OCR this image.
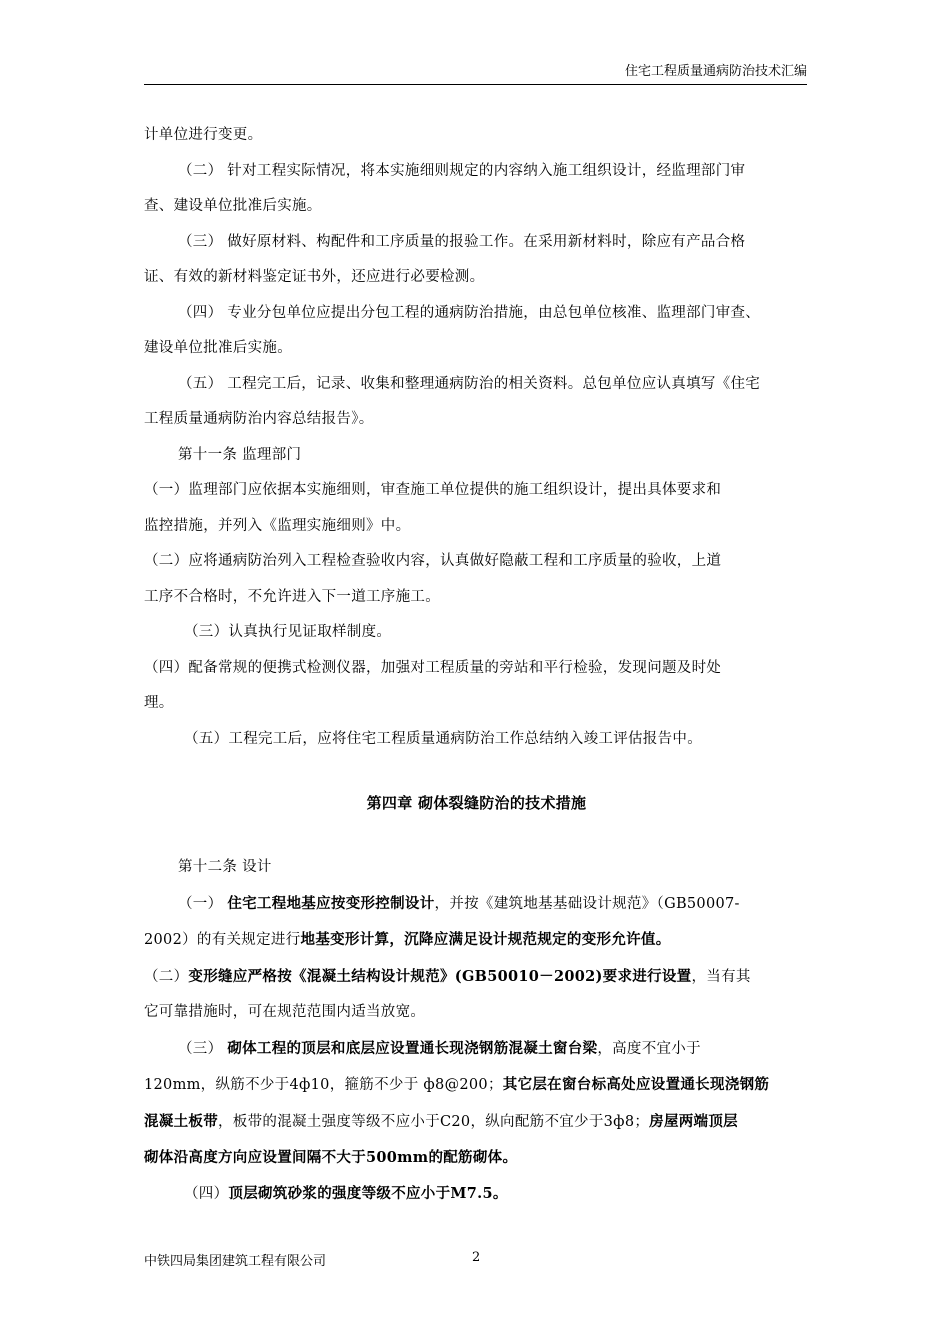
住宅工程质量通病防治技术汇编

计单位进行变更。

（二） 针对工程实际情况，将本实施细则规定的内容纳入施工组织设计，经监理部门审

查、建设单位批准后实施。

（三） 做好原材料、构配件和工序质量的报验工作。在采用新材料时，除应有产品合格

证、有效的新材料鉴定证书外，还应进行必要检测。

（四） 专业分包单位应提出分包工程的通病防治措施，由总包单位核准、监理部门审查、

建设单位批准后实施。

（五） 工程完工后，记录、收集和整理通病防治的相关资料。总包单位应认真填写《住宅

工程质量通病防治内容总结报告》。

第十一条 监理部门

（一）监理部门应依据本实施细则，审查施工单位提供的施工组织设计，提出具体要求和

监控措施，并列入《监理实施细则》中。

（二）应将通病防治列入工程检查验收内容，认真做好隐蔽工程和工序质量的验收，上道

工序不合格时，不允许进入下一道工序施工。

（三）认真执行见证取样制度。

（四）配备常规的便携式检测仪器，加强对工程质量的旁站和平行检验，发现问题及时处

理。

（五）工程完工后，应将住宅工程质量通病防治工作总结纳入竣工评估报告中。

第四章 砌体裂缝防治的技术措施

第十二条 设计

（一） 住宅工程地基应按变形控制设计，并按《建筑地基基础设计规范》（GB50007-

2002）的有关规定进行地基变形计算，沉降应满足设计规范规定的变形允许值。

（二）变形缝应严格按《混凝土结构设计规范》(GB50010－2002)要求进行设置，当有其

它可靠措施时，可在规范范围内适当放宽。

（三） 砌体工程的顶层和底层应设置通长现浇钢筋混凝土窗台梁，高度不宜小于

120mm，纵筋不少于4ф10，箍筋不少于 ф8@200；其它层在窗台标高处应设置通长现浇钢筋

混凝土板带，板带的混凝土强度等级不应小于C20，纵向配筋不宜少于3ф8；房屋两端顶层

砌体沿高度方向应设置间隔不大于500mm的配筋砌体。

（四）顶层砌筑砂浆的强度等级不应小于M7.5。

中铁四局集团建筑工程有限公司	2
